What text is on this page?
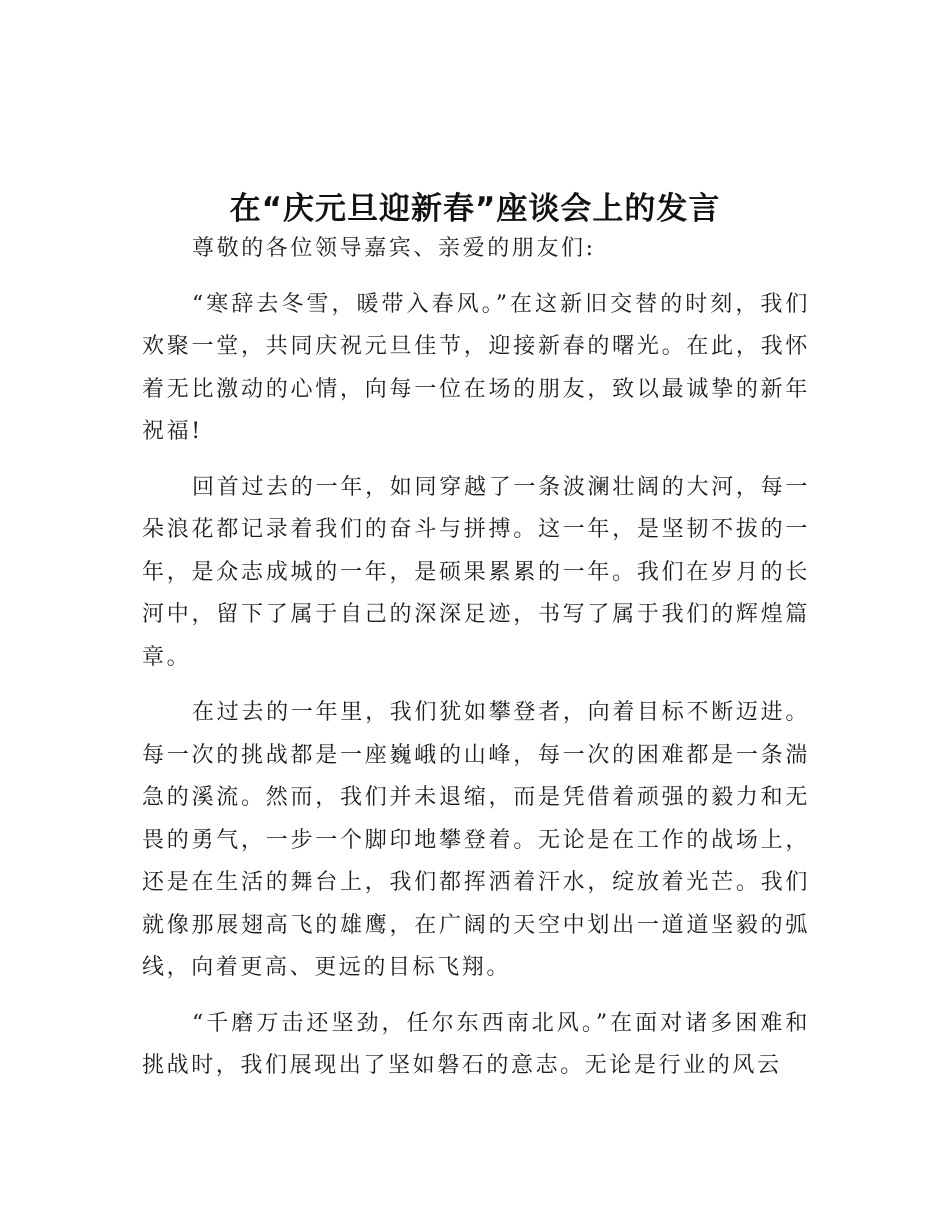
在“庆元旦迎新春”座谈会上的发言

尊敬的各位领导嘉宾、亲爱的朋友们:

“寒辞去冬雪，暖带入春风。”在这新旧交替的时刻，我们欢聚一堂，共同庆祝元旦佳节，迎接新春的曙光。在此，我怀着无比激动的心情，向每一位在场的朋友，致以最诚挚的新年祝福!

回首过去的一年，如同穿越了一条波澜壮阔的大河，每一朵浪花都记录着我们的奋斗与拼搏。这一年，是坚韧不拔的一年，是众志成城的一年，是硕果累累的一年。我们在岁月的长河中，留下了属于自己的深深足迹，书写了属于我们的辉煌篇章。

在过去的一年里，我们犹如攀登者，向着目标不断迈进。每一次的挑战都是一座巍峨的山峰，每一次的困难都是一条湍急的溪流。然而，我们并未退缩，而是凭借着顽强的毅力和无畏的勇气，一步一个脚印地攀登着。无论是在工作的战场上，还是在生活的舞台上，我们都挥洒着汗水，绽放着光芒。我们就像那展翅高飞的雄鹰，在广阔的天空中划出一道道坚毅的弧线，向着更高、更远的目标飞翔。

“千磨万击还坚劲，任尔东西南北风。”在面对诸多困难和挑战时，我们展现出了坚如磐石的意志。无论是行业的风云
